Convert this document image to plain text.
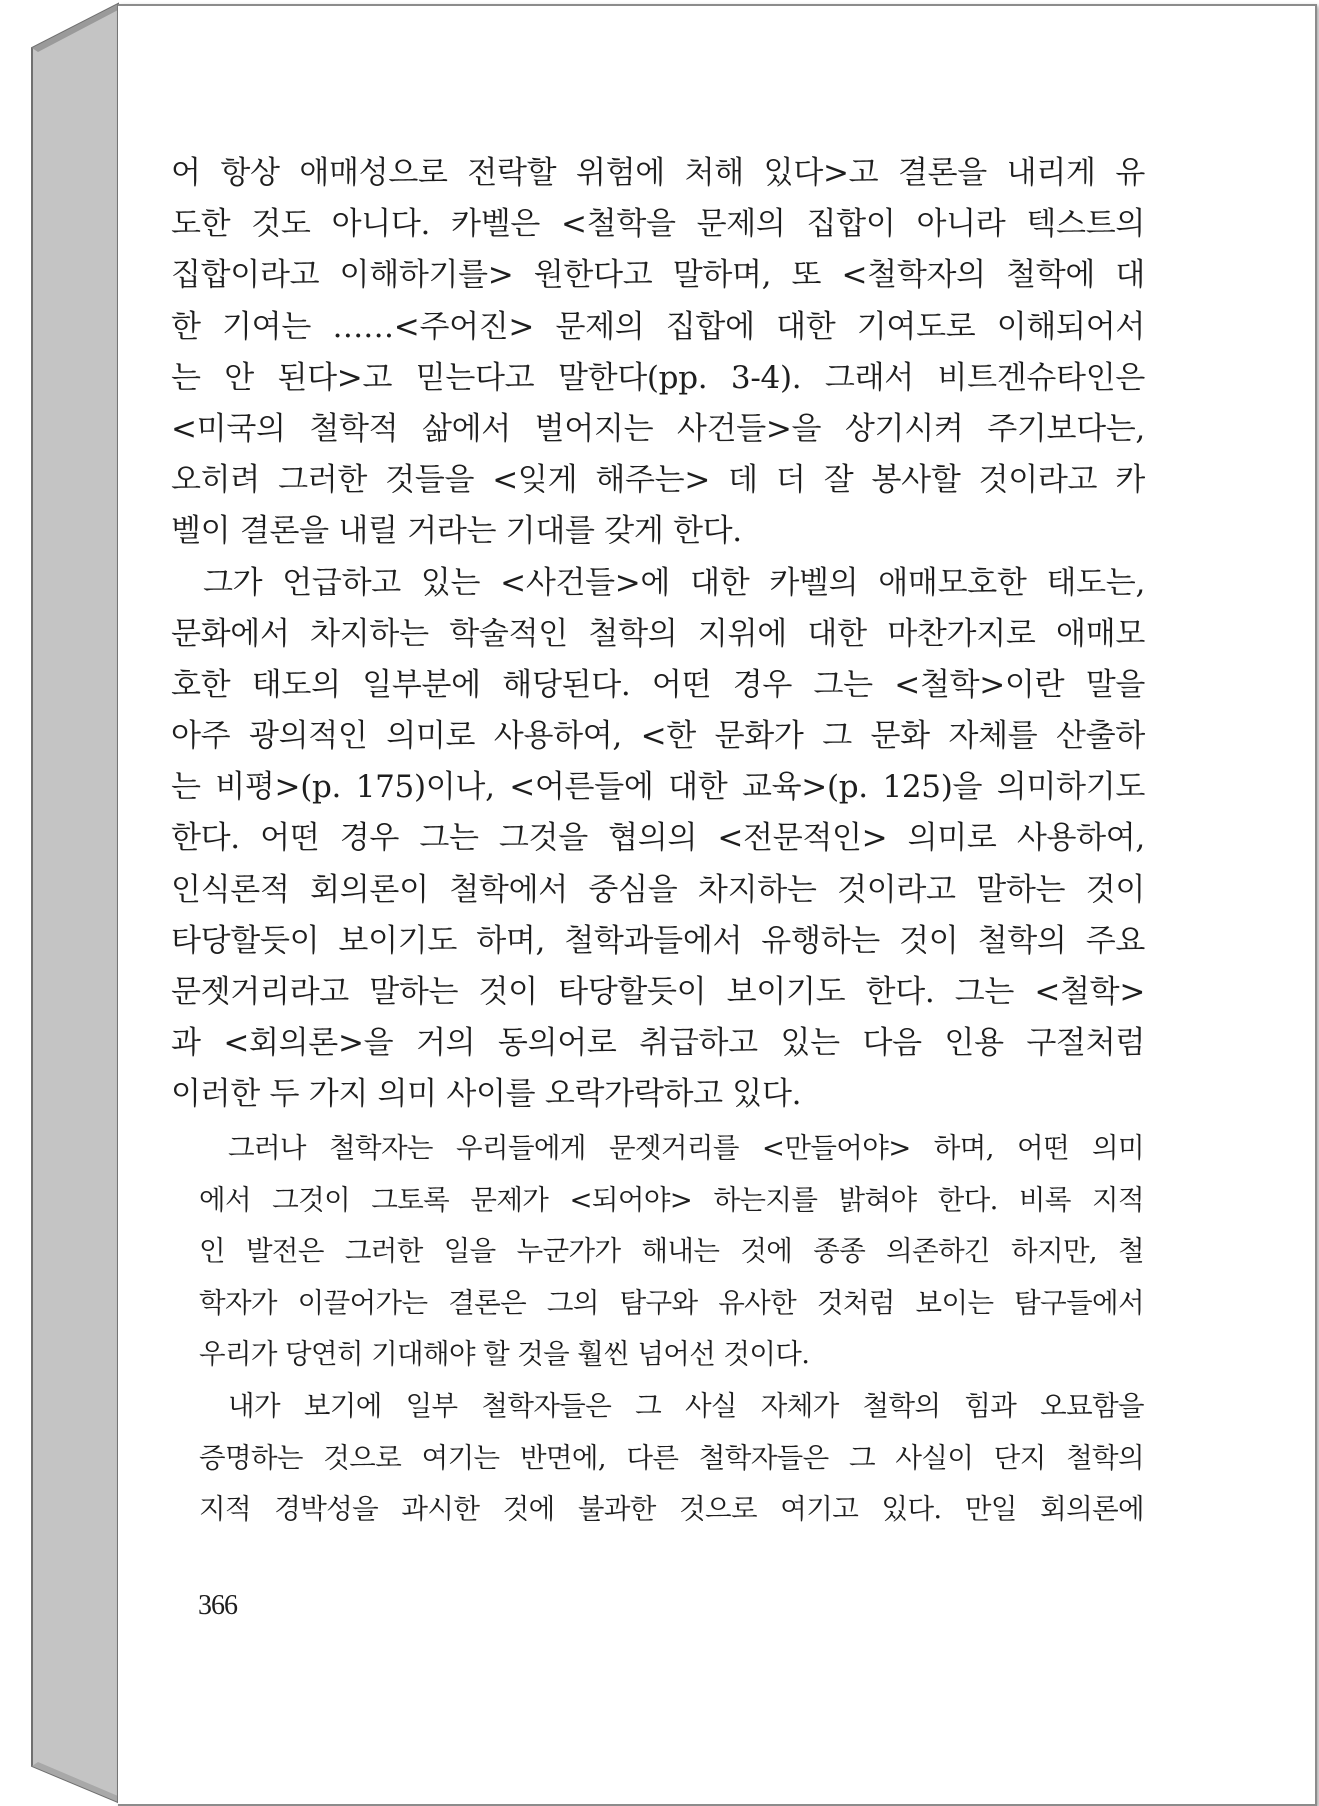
어 항상 애매성으로 전락할 위험에 처해 있다>고 결론을 내리게 유
도한 것도 아니다. 카벨은 <철학을 문제의 집합이 아니라 텍스트의
집합이라고 이해하기를> 원한다고 말하며, 또 <철학자의 철학에 대
한 기여는 ……<주어진> 문제의 집합에 대한 기여도로 이해되어서
는 안 된다>고 믿는다고 말한다(pp. 3-4). 그래서 비트겐슈타인은
<미국의 철학적 삶에서 벌어지는 사건들>을 상기시켜 주기보다는,
오히려 그러한 것들을 <잊게 해주는> 데 더 잘 봉사할 것이라고 카
벨이 결론을 내릴 거라는 기대를 갖게 한다.
그가 언급하고 있는 <사건들>에 대한 카벨의 애매모호한 태도는,
문화에서 차지하는 학술적인 철학의 지위에 대한 마찬가지로 애매모
호한 태도의 일부분에 해당된다. 어떤 경우 그는 <철학>이란 말을
아주 광의적인 의미로 사용하여, <한 문화가 그 문화 자체를 산출하
는 비평>(p. 175)이나, <어른들에 대한 교육>(p. 125)을 의미하기도
한다. 어떤 경우 그는 그것을 협의의 <전문적인> 의미로 사용하여,
인식론적 회의론이 철학에서 중심을 차지하는 것이라고 말하는 것이
타당할듯이 보이기도 하며, 철학과들에서 유행하는 것이 철학의 주요
문젯거리라고 말하는 것이 타당할듯이 보이기도 한다. 그는 <철학>
과 <회의론>을 거의 동의어로 취급하고 있는 다음 인용 구절처럼
이러한 두 가지 의미 사이를 오락가락하고 있다.
그러나 철학자는 우리들에게 문젯거리를 <만들어야> 하며, 어떤 의미
에서 그것이 그토록 문제가 <되어야> 하는지를 밝혀야 한다. 비록 지적
인 발전은 그러한 일을 누군가가 해내는 것에 종종 의존하긴 하지만, 철
학자가 이끌어가는 결론은 그의 탐구와 유사한 것처럼 보이는 탐구들에서
우리가 당연히 기대해야 할 것을 훨씬 넘어선 것이다.
내가 보기에 일부 철학자들은 그 사실 자체가 철학의 힘과 오묘함을
증명하는 것으로 여기는 반면에, 다른 철학자들은 그 사실이 단지 철학의
지적 경박성을 과시한 것에 불과한 것으로 여기고 있다. 만일 회의론에
366
